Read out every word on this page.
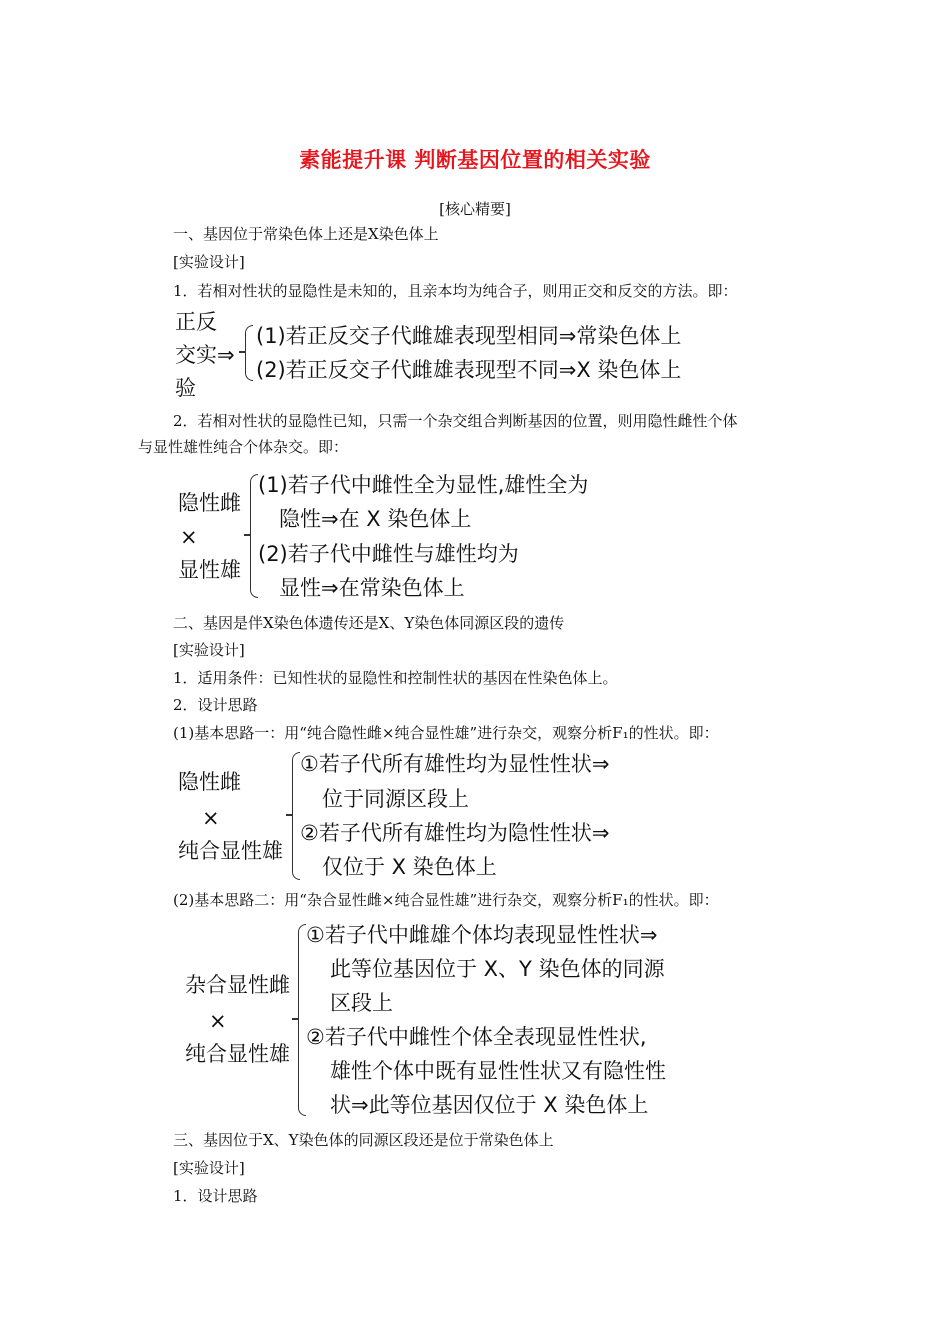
素能提升课 判断基因位置的相关实验
[核心精要]
一、基因位于常染色体上还是X染色体上
[实验设计]
1．若相对性状的显隐性是未知的，且亲本均为纯合子，则用正交和反交的方法。即：
正反
交实⇒
验
(1)若正反交子代雌雄表现型相同⇒常染色体上
(2)若正反交子代雌雄表现型不同⇒X 染色体上
2．若相对性状的显隐性已知，只需一个杂交组合判断基因的位置，则用隐性雌性个体
与显性雄性纯合个体杂交。即：
隐性雌
×
显性雄
(1)若子代中雌性全为显性,雄性全为
隐性⇒在 X 染色体上
(2)若子代中雌性与雄性均为
显性⇒在常染色体上
二、基因是伴X染色体遗传还是X、Y染色体同源区段的遗传
[实验设计]
1．适用条件：已知性状的显隐性和控制性状的基因在性染色体上。
2．设计思路
(1)基本思路一：用“纯合隐性雌×纯合显性雄”进行杂交，观察分析F₁的性状。即：
隐性雌
×
纯合显性雄
①若子代所有雄性均为显性性状⇒
位于同源区段上
②若子代所有雄性均为隐性性状⇒
仅位于 X 染色体上
(2)基本思路二：用“杂合显性雌×纯合显性雄”进行杂交，观察分析F₁的性状。即：
杂合显性雌
×
纯合显性雄
①若子代中雌雄个体均表现显性性状⇒
此等位基因位于 X、Y 染色体的同源
区段上
②若子代中雌性个体全表现显性性状,
雄性个体中既有显性性状又有隐性性
状⇒此等位基因仅位于 X 染色体上
三、基因位于X、Y染色体的同源区段还是位于常染色体上
[实验设计]
1．设计思路
